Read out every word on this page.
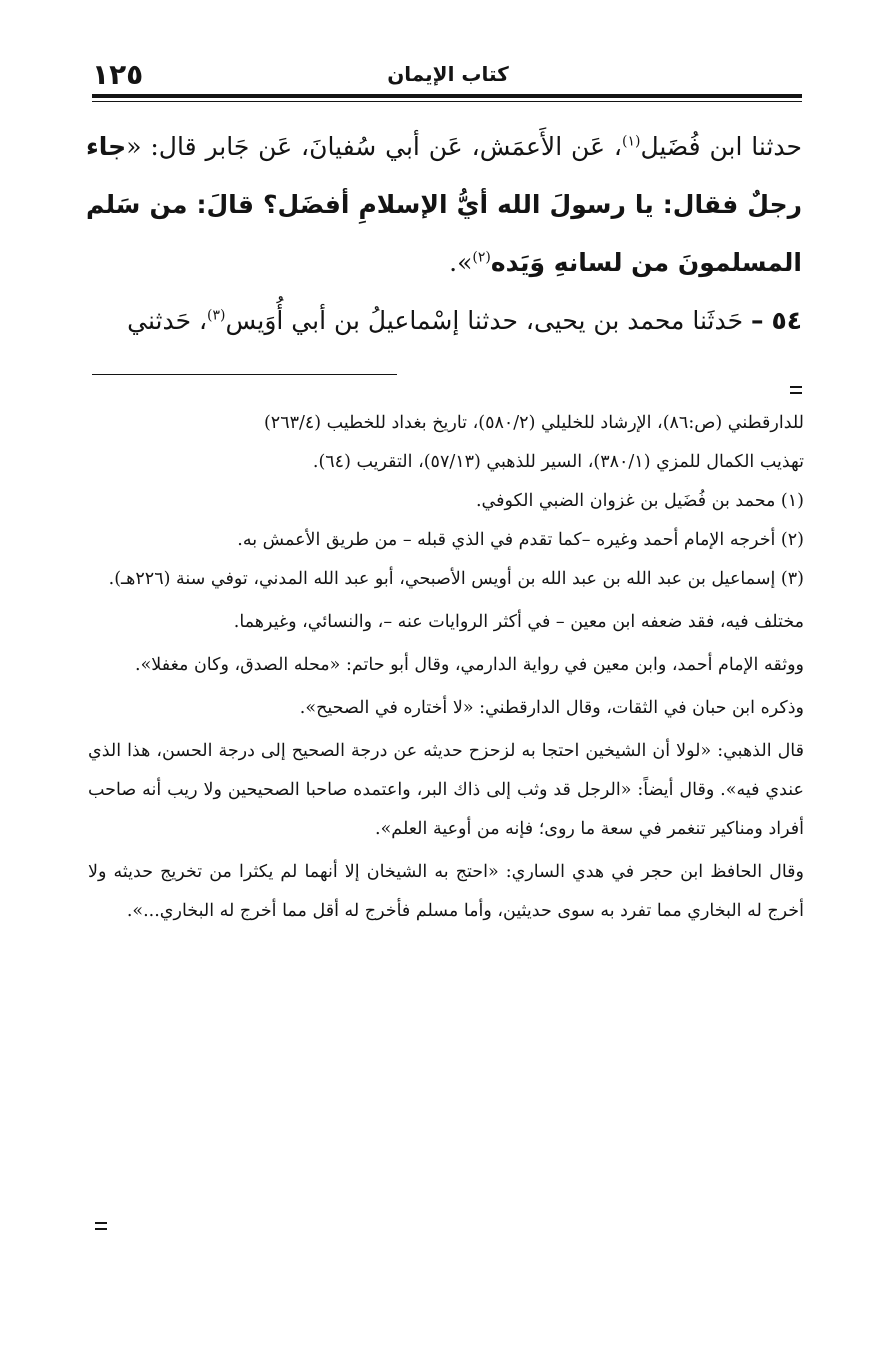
١٢٥	كتاب الإيمان

حدثنا ابن فُضَيل$^{(١)}$، عَن الأَعمَش، عَن أبي سُفيانَ، عَن جَابر قال: «جاء رجلٌ فقال: يا رسولَ الله أيُّ الإسلامِ أفضَل؟ قالَ: من سَلم المسلمونَ من لسانهِ وَيَده$^{(٢)}$».

٥٤ – حَدثَنا محمد بن يحيى، حدثنا إسْماعيلُ بن أبي أُوَيس$^{(٣)}$، حَدثني

للدارقطني (ص:٨٦)، الإرشاد للخليلي (٥٨٠/٢)، تاريخ بغداد للخطيب (٢٦٣/٤)

تهذيب الكمال للمزي (٣٨٠/١)، السير للذهبي (٥٧/١٣)، التقريب (٦٤).

(١) محمد بن فُضَيل بن غزوان الضبي الكوفي.

(٢) أخرجه الإمام أحمد وغيره –كما تقدم في الذي قبله – من طريق الأعمش به.

(٣) إسماعيل بن عبد الله بن عبد الله بن أويس الأصبحي، أبو عبد الله المدني، توفي سنة (٢٢٦هـ).

مختلف فيه، فقد ضعفه ابن معين – في أكثر الروايات عنه –، والنسائي، وغيرهما.

ووثقه الإمام أحمد، وابن معين في رواية الدارمي، وقال أبو حاتم: «محله الصدق، وكان مغفلا».

وذكره ابن حبان في الثقات، وقال الدارقطني: «لا أختاره في الصحيح».

قال الذهبي: «لولا أن الشيخين احتجا به لزحزح حديثه عن درجة الصحيح إلى درجة الحسن، هذا الذي عندي فيه». وقال أيضاً: «الرجل قد وثب إلى ذاك البر، واعتمده صاحبا الصحيحين ولا ريب أنه صاحب أفراد ومناكير تنغمر في سعة ما روى؛ فإنه من أوعية العلم».

وقال الحافظ ابن حجر في هدي الساري: «احتج به الشيخان إلا أنهما لم يكثرا من تخريج حديثه ولا أخرج له البخاري مما تفرد به سوى حديثين، وأما مسلم فأخرج له أقل مما أخرج له البخاري...».
